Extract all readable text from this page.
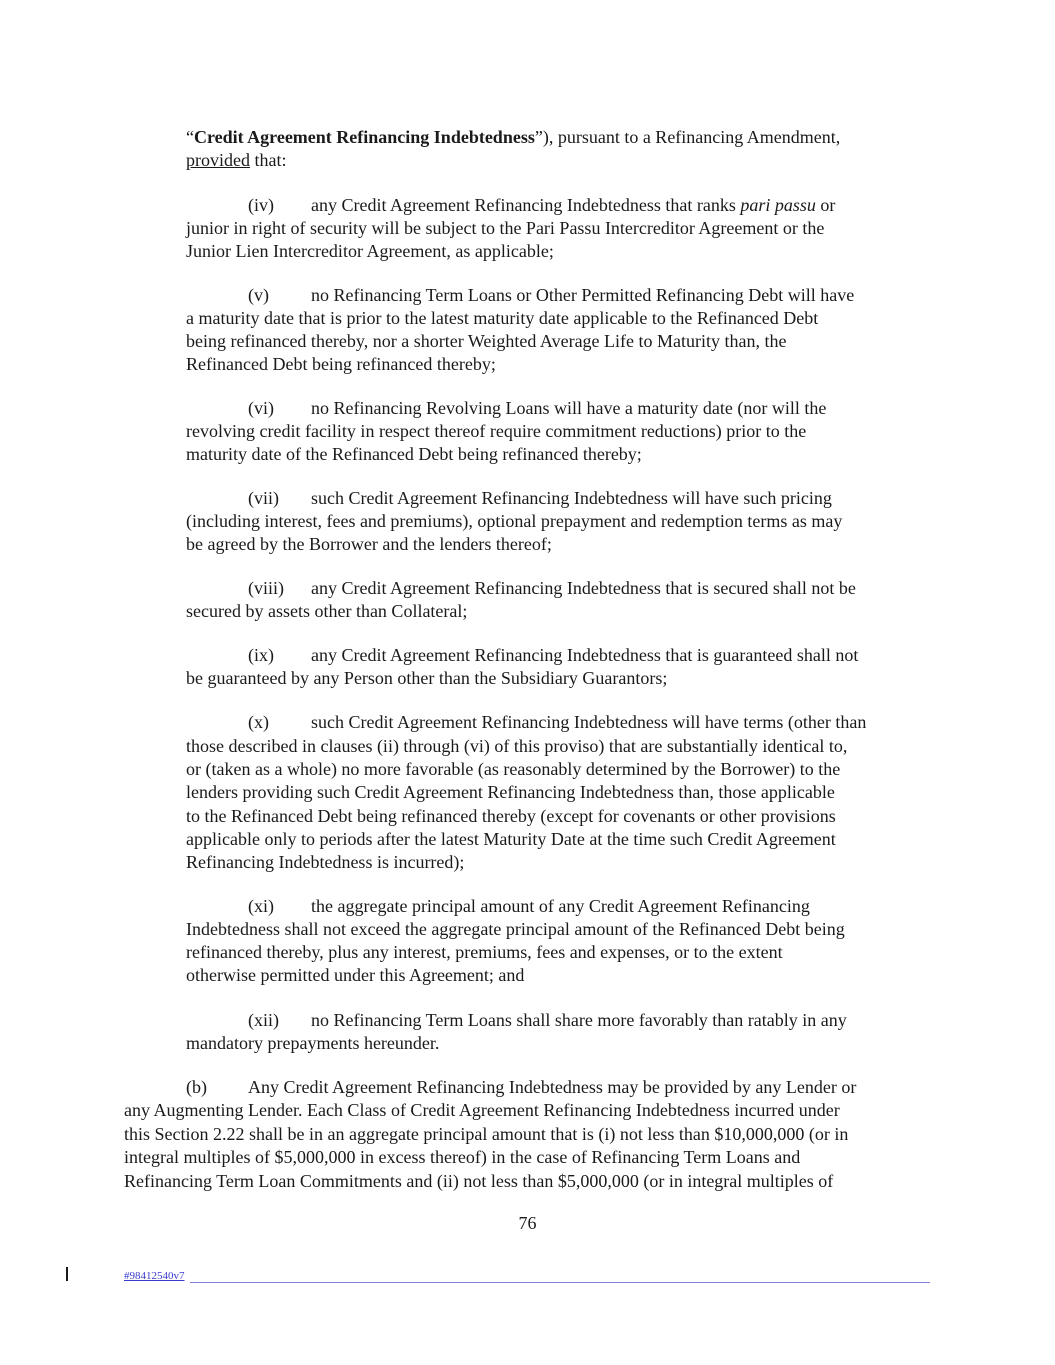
“Credit Agreement Refinancing Indebtedness”), pursuant to a Refinancing Amendment,
provided that:
(iv) any Credit Agreement Refinancing Indebtedness that ranks pari passu or
junior in right of security will be subject to the Pari Passu Intercreditor Agreement or the
Junior Lien Intercreditor Agreement, as applicable;
(v) no Refinancing Term Loans or Other Permitted Refinancing Debt will have
a maturity date that is prior to the latest maturity date applicable to the Refinanced Debt
being refinanced thereby, nor a shorter Weighted Average Life to Maturity than, the
Refinanced Debt being refinanced thereby;
(vi) no Refinancing Revolving Loans will have a maturity date (nor will the
revolving credit facility in respect thereof require commitment reductions) prior to the
maturity date of the Refinanced Debt being refinanced thereby;
(vii) such Credit Agreement Refinancing Indebtedness will have such pricing
(including interest, fees and premiums), optional prepayment and redemption terms as may
be agreed by the Borrower and the lenders thereof;
(viii) any Credit Agreement Refinancing Indebtedness that is secured shall not be
secured by assets other than Collateral;
(ix) any Credit Agreement Refinancing Indebtedness that is guaranteed shall not
be guaranteed by any Person other than the Subsidiary Guarantors;
(x) such Credit Agreement Refinancing Indebtedness will have terms (other than
those described in clauses (ii) through (vi) of this proviso) that are substantially identical to,
or (taken as a whole) no more favorable (as reasonably determined by the Borrower) to the
lenders providing such Credit Agreement Refinancing Indebtedness than, those applicable
to the Refinanced Debt being refinanced thereby (except for covenants or other provisions
applicable only to periods after the latest Maturity Date at the time such Credit Agreement
Refinancing Indebtedness is incurred);
(xi) the aggregate principal amount of any Credit Agreement Refinancing
Indebtedness shall not exceed the aggregate principal amount of the Refinanced Debt being
refinanced thereby, plus any interest, premiums, fees and expenses, or to the extent
otherwise permitted under this Agreement; and
(xii) no Refinancing Term Loans shall share more favorably than ratably in any
mandatory prepayments hereunder.
(b) Any Credit Agreement Refinancing Indebtedness may be provided by any Lender or
any Augmenting Lender. Each Class of Credit Agreement Refinancing Indebtedness incurred under
this Section 2.22 shall be in an aggregate principal amount that is (i) not less than $10,000,000 (or in
integral multiples of $5,000,000 in excess thereof) in the case of Refinancing Term Loans and
Refinancing Term Loan Commitments and (ii) not less than $5,000,000 (or in integral multiples of
76
#98412540v7
